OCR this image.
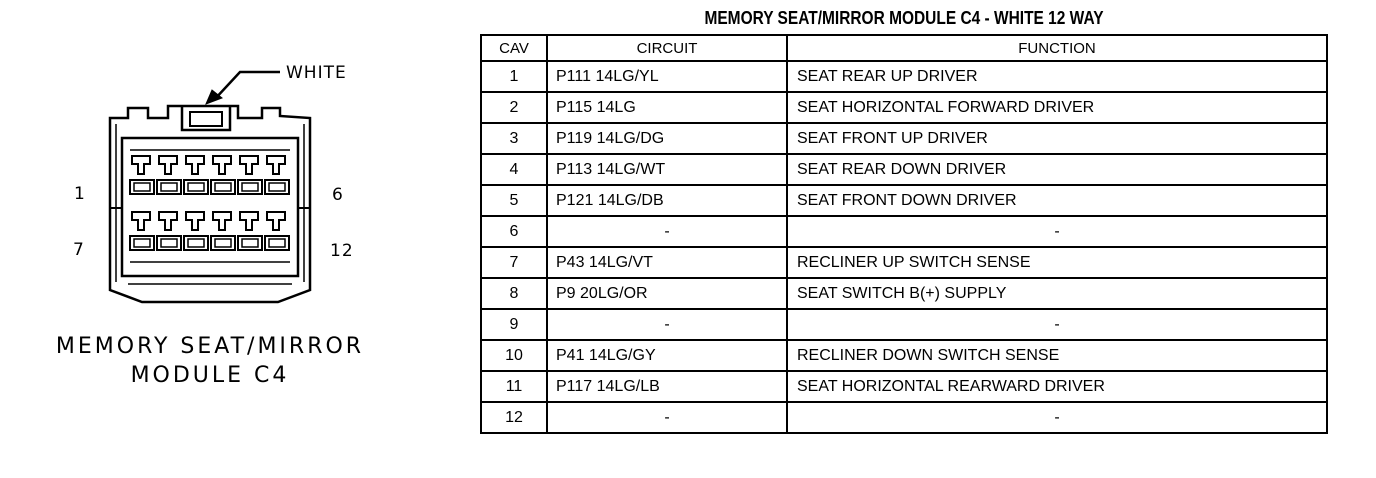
WHITE
1	6
7	12
MEMORY SEAT/MIRROR
MODULE C4
MEMORY SEAT/MIRROR MODULE C4 - WHITE 12 WAY
CAV	CIRCUIT	FUNCTION
1	P111 14LG/YL	SEAT REAR UP DRIVER
2	P115 14LG	SEAT HORIZONTAL FORWARD DRIVER
3	P119 14LG/DG	SEAT FRONT UP DRIVER
4	P113 14LG/WT	SEAT REAR DOWN DRIVER
5	P121 14LG/DB	SEAT FRONT DOWN DRIVER
6	-	-
7	P43 14LG/VT	RECLINER UP SWITCH SENSE
8	P9 20LG/OR	SEAT SWITCH B(+) SUPPLY
9	-	-
10	P41 14LG/GY	RECLINER DOWN SWITCH SENSE
11	P117 14LG/LB	SEAT HORIZONTAL REARWARD DRIVER
12	-	-
